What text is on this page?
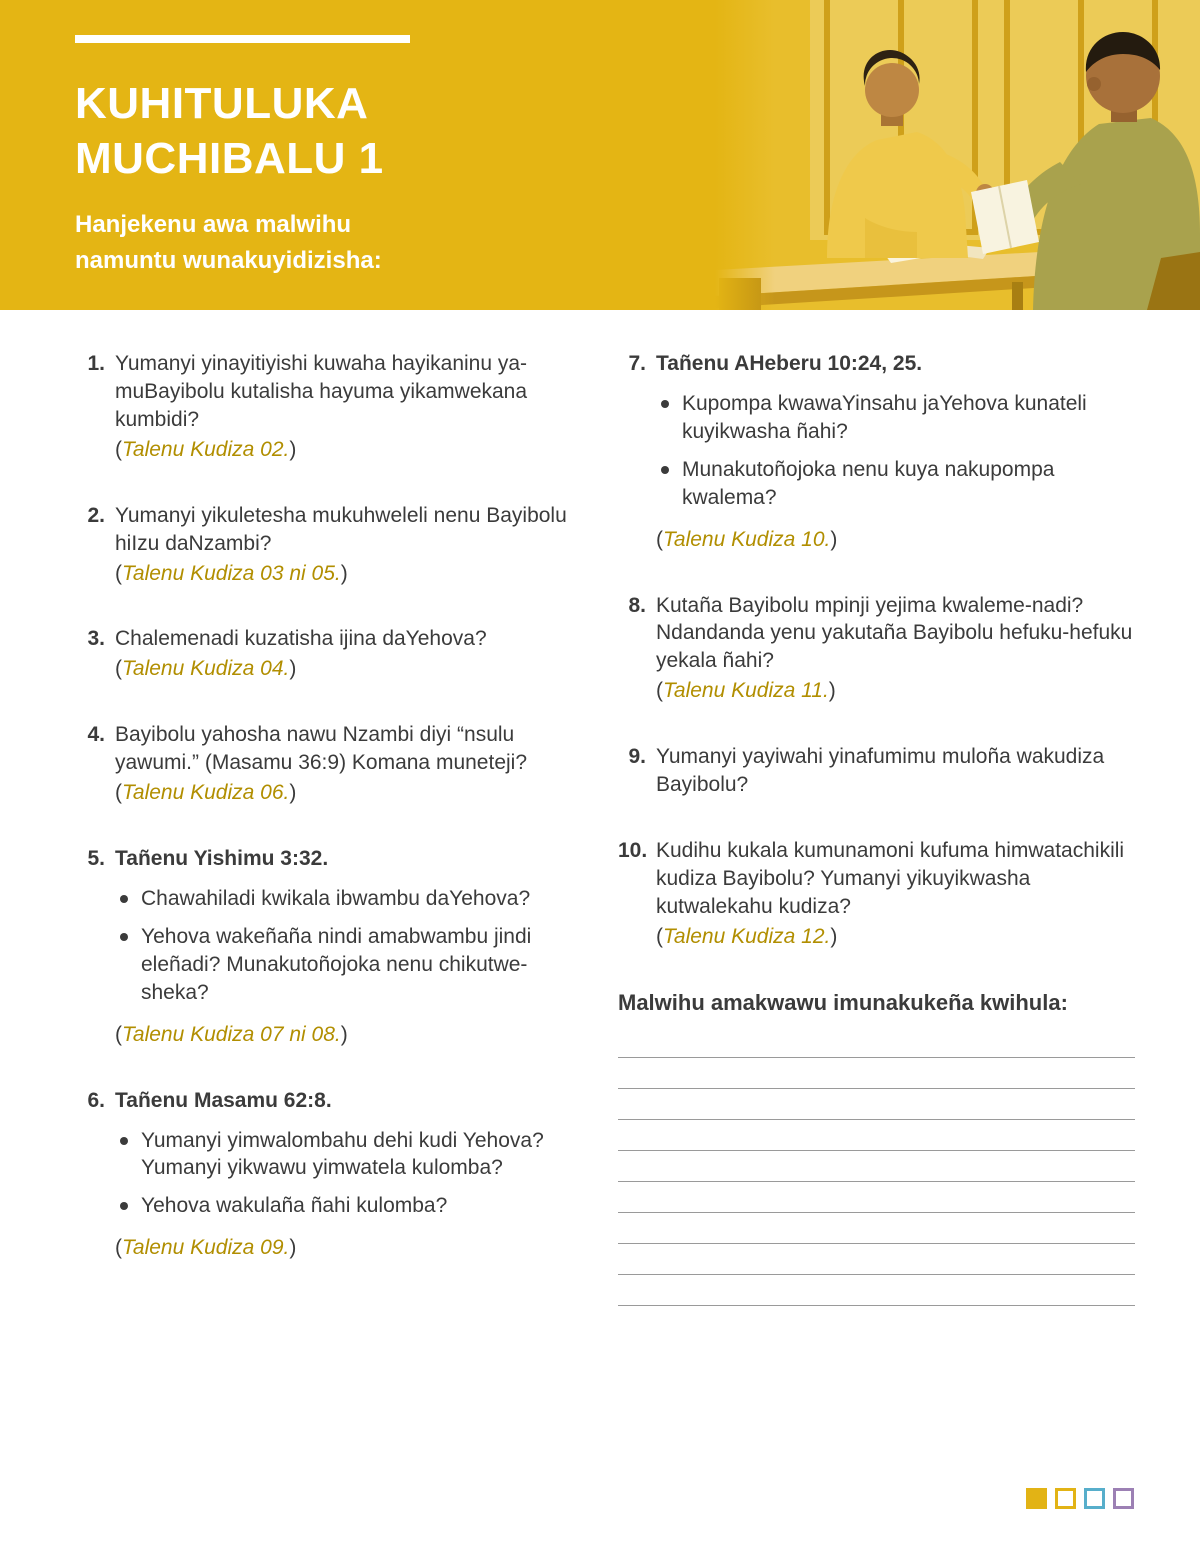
KUHITULUKA
MUCHIBALU 1

Hanjekenu awa malwihu
namuntu wunakuyidizisha:

1. Yumanyi yinayitiyishi kuwaha hayikaninu ya-muBayibolu kutalisha hayuma yikamwekana kumbidi?

(Talenu Kudiza 02.)

2. Yumanyi yikuletesha mukuhweleli nenu Bayibolu hiIzu daNzambi?

(Talenu Kudiza 03 ni 05.)

3. Chalemenadi kuzatisha ijina daYehova?

(Talenu Kudiza 04.)

4. Bayibolu yahosha nawu Nzambi diyi “nsulu yawumi.” (Masamu 36:9) Komana muneteji?

(Talenu Kudiza 06.)

5. Tañenu Yishimu 3:32.

Chawahiladi kwikala ibwambu daYehova?
Yehova wakeñaña nindi amabwambu jindi eleñadi? Munakutoñojoka nenu chikutwe-sheka?

(Talenu Kudiza 07 ni 08.)

6. Tañenu Masamu 62:8.

Yumanyi yimwalombahu dehi kudi Yehova? Yumanyi yikwawu yimwatela kulomba?
Yehova wakulaña ñahi kulomba?

(Talenu Kudiza 09.)

7. Tañenu AHeberu 10:24, 25.

Kupompa kwawaYinsahu jaYehova kunateli kuyikwasha ñahi?
Munakutoñojoka nenu kuya nakupompa kwalema?

(Talenu Kudiza 10.)

8. Kutaña Bayibolu mpinji yejima kwaleme-nadi? Ndandanda yenu yakutaña Bayibolu hefuku-hefuku yekala ñahi?

(Talenu Kudiza 11.)

9. Yumanyi yayiwahi yinafumimu muloña wakudiza Bayibolu?

10. Kudihu kukala kumunamoni kufuma himwatachikili kudiza Bayibolu? Yumanyi yikuyikwasha kutwalekahu kudiza?

(Talenu Kudiza 12.)

Malwihu amakwawu imunakukeña kwihula:
